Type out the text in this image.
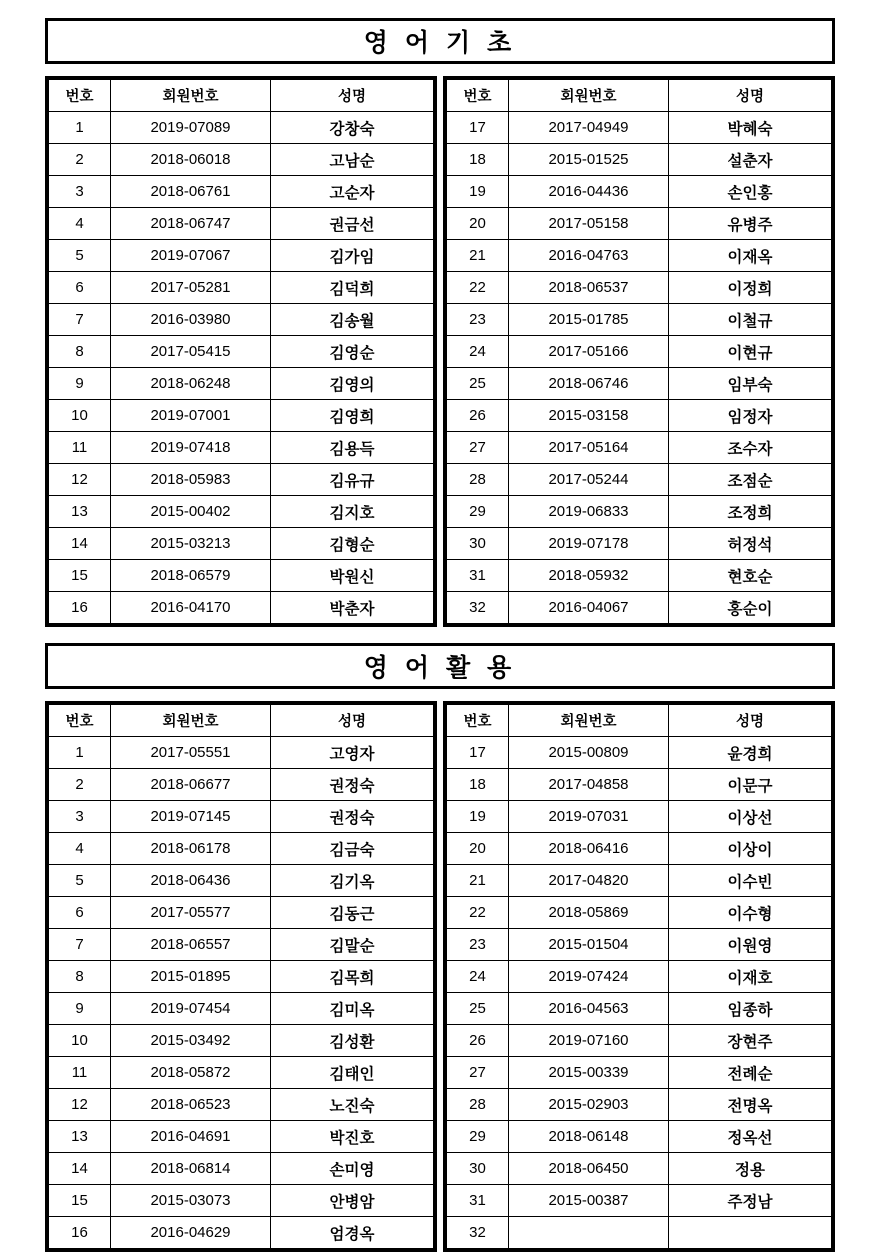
영 어 기 초
번호	회원번호	성명
1	2019-07089	강창숙
2	2018-06018	고남순
3	2018-06761	고순자
4	2018-06747	권금선
5	2019-07067	김가임
6	2017-05281	김덕희
7	2016-03980	김송월
8	2017-05415	김영순
9	2018-06248	김영의
10	2019-07001	김영희
11	2019-07418	김용득
12	2018-05983	김유규
13	2015-00402	김지호
14	2015-03213	김형순
15	2018-06579	박원신
16	2016-04170	박춘자
번호	회원번호	성명
17	2017-04949	박혜숙
18	2015-01525	설춘자
19	2016-04436	손인홍
20	2017-05158	유병주
21	2016-04763	이재옥
22	2018-06537	이정희
23	2015-01785	이철규
24	2017-05166	이현규
25	2018-06746	임부숙
26	2015-03158	임정자
27	2017-05164	조수자
28	2017-05244	조점순
29	2019-06833	조정희
30	2019-07178	허정석
31	2018-05932	현호순
32	2016-04067	홍순이
영 어 활 용
번호	회원번호	성명
1	2017-05551	고영자
2	2018-06677	권정숙
3	2019-07145	권정숙
4	2018-06178	김금숙
5	2018-06436	김기옥
6	2017-05577	김동근
7	2018-06557	김말순
8	2015-01895	김목희
9	2019-07454	김미옥
10	2015-03492	김성환
11	2018-05872	김태인
12	2018-06523	노진숙
13	2016-04691	박진호
14	2018-06814	손미영
15	2015-03073	안병암
16	2016-04629	엄경옥
번호	회원번호	성명
17	2015-00809	윤경희
18	2017-04858	이문구
19	2019-07031	이상선
20	2018-06416	이상이
21	2017-04820	이수빈
22	2018-05869	이수형
23	2015-01504	이원영
24	2019-07424	이재호
25	2016-04563	임종하
26	2019-07160	장현주
27	2015-00339	전례순
28	2015-02903	전명옥
29	2018-06148	정옥선
30	2018-06450	정용
31	2015-00387	주정남
32		
